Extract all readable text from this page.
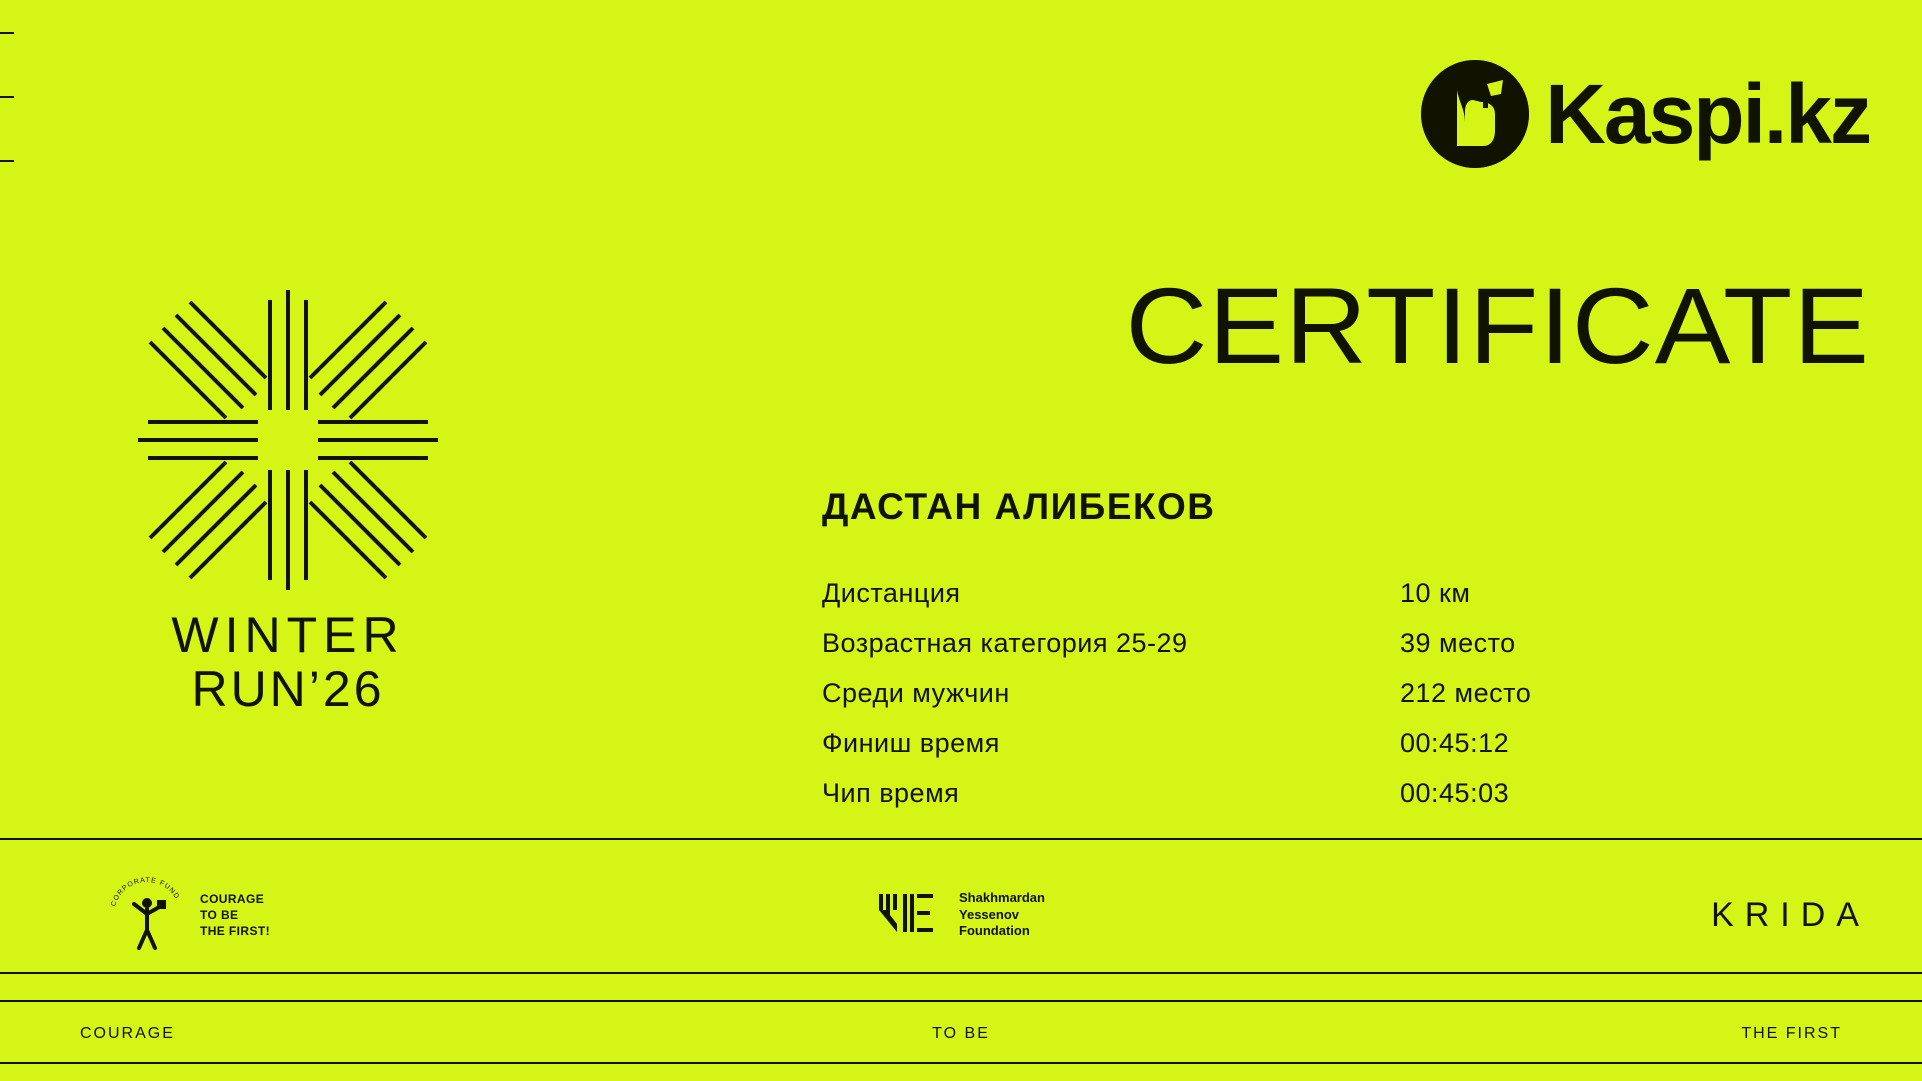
Kaspi.kz
CERTIFICATE
ДАСТАН АЛИБЕКОВ
Дистанция	10 км
Возрастная категория 25-29	39 место
Среди мужчин	212 место
Финиш время	00:45:12
Чип время	00:45:03
WINTER
RUN’26
CORPORATE FUND COURAGE
TO BE
THE FIRST!
Shakhmardan
Yessenov
Foundation	KRIDA
COURAGE	TO BE	THE FIRST
